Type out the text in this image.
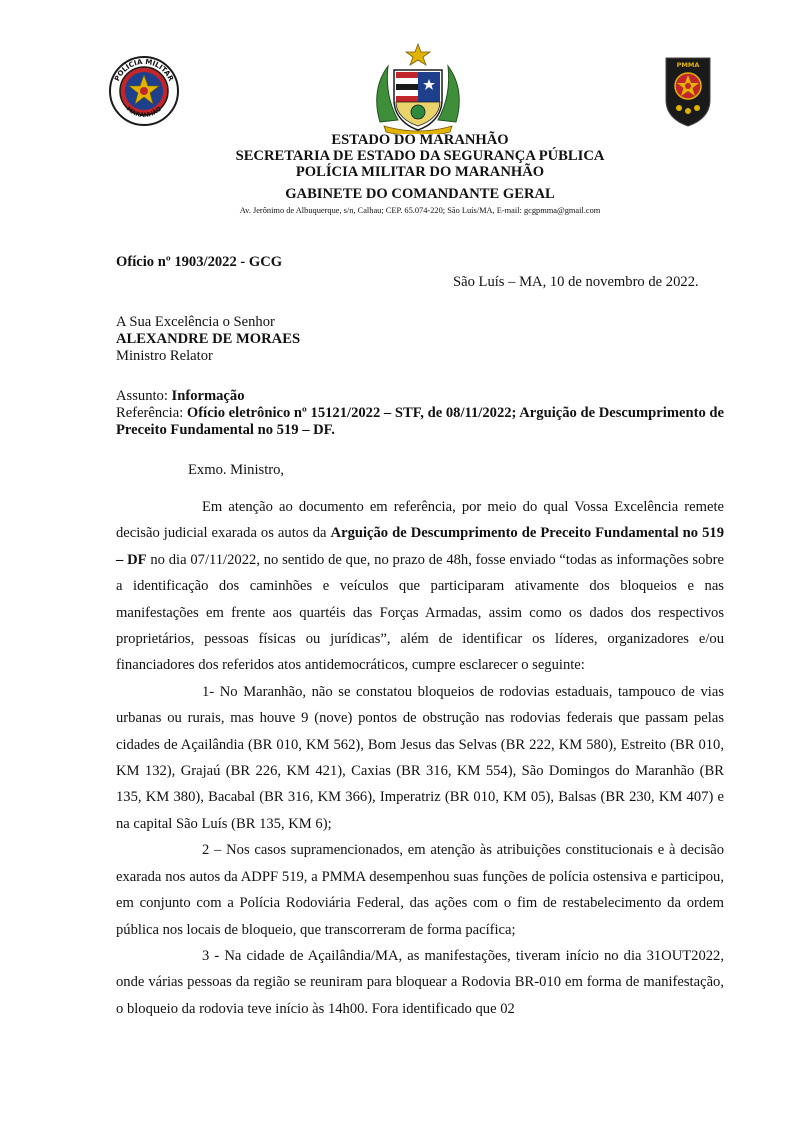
POLÍCIA MILITAR
MARANHÃO
PMMA
ESTADO DO MARANHÃO
SECRETARIA DE ESTADO DA SEGURANÇA PÚBLICA
POLÍCIA MILITAR DO MARANHÃO
GABINETE DO COMANDANTE GERAL
Av. Jerônimo de Albuquerque, s/n, Calhau; CEP. 65.074-220; São Luís/MA, E-mail: gcgpmma@gmail.com
Ofício nº 1903/2022 - GCG
São Luís – MA, 10 de novembro de 2022.
A Sua Excelência o Senhor
ALEXANDRE DE MORAES
Ministro Relator
Assunto: Informação
Referência: Ofício eletrônico nº 15121/2022 – STF, de 08/11/2022; Arguição de Descumprimento de Preceito Fundamental no 519 – DF.
Exmo. Ministro,

Em atenção ao documento em referência, por meio do qual Vossa Excelência remete decisão judicial exarada os autos da Arguição de Descumprimento de Preceito Fundamental no 519 – DF no dia 07/11/2022, no sentido de que, no prazo de 48h, fosse enviado “todas as informações sobre a identificação dos caminhões e veículos que participaram ativamente dos bloqueios e nas manifestações em frente aos quartéis das Forças Armadas, assim como os dados dos respectivos proprietários, pessoas físicas ou jurídicas”, além de identificar os líderes, organizadores e/ou financiadores dos referidos atos antidemocráticos, cumpre esclarecer o seguinte:

1- No Maranhão, não se constatou bloqueios de rodovias estaduais, tampouco de vias urbanas ou rurais, mas houve 9 (nove) pontos de obstrução nas rodovias federais que passam pelas cidades de Açailândia (BR 010, KM 562), Bom Jesus das Selvas (BR 222, KM 580), Estreito (BR 010, KM 132), Grajaú (BR 226, KM 421), Caxias (BR 316, KM 554), São Domingos do Maranhão (BR 135, KM 380), Bacabal (BR 316, KM 366), Imperatriz (BR 010, KM 05), Balsas (BR 230, KM 407) e na capital São Luís (BR 135, KM 6);

2 – Nos casos supramencionados, em atenção às atribuições constitucionais e à decisão exarada nos autos da ADPF 519, a PMMA desempenhou suas funções de polícia ostensiva e participou, em conjunto com a Polícia Rodoviária Federal, das ações com o fim de restabelecimento da ordem pública nos locais de bloqueio, que transcorreram de forma pacífica;

3 - Na cidade de Açailândia/MA, as manifestações, tiveram início no dia 31OUT2022, onde várias pessoas da região se reuniram para bloquear a Rodovia BR-010 em forma de manifestação, o bloqueio da rodovia teve início às 14h00. Fora identificado que 02
